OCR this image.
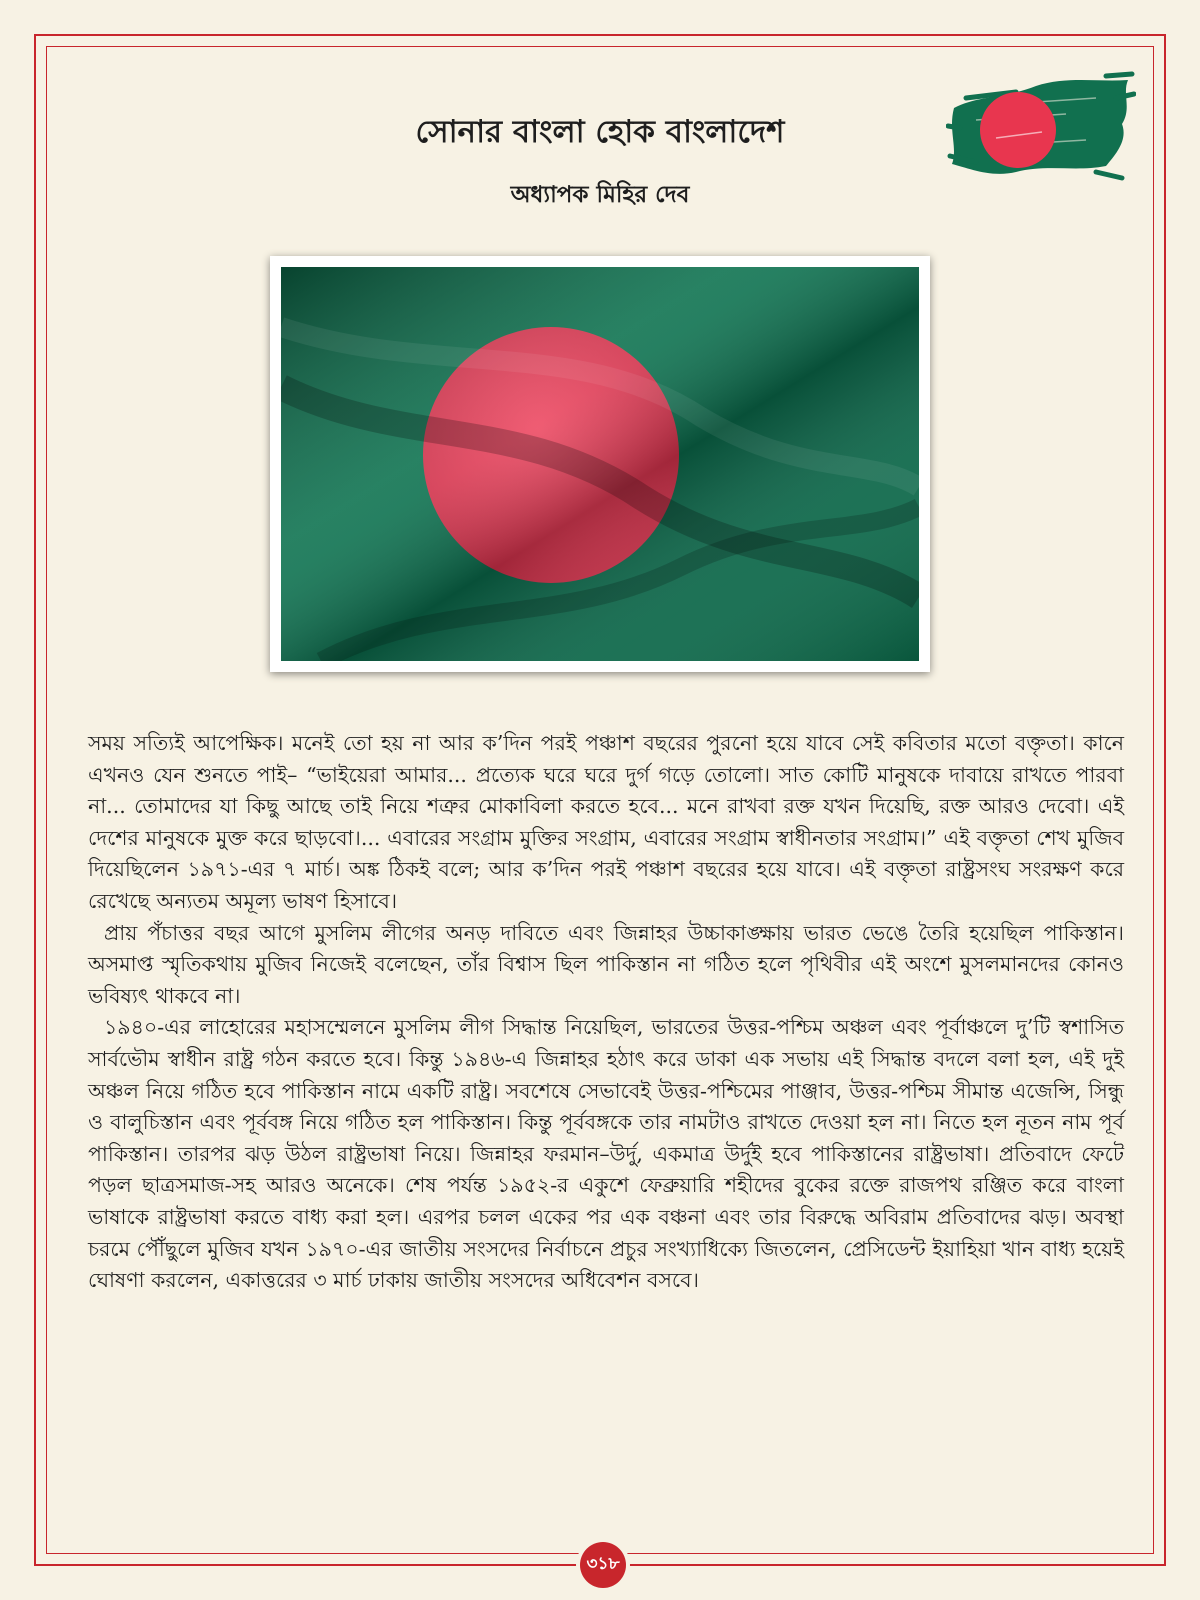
সোনার বাংলা হোক বাংলাদেশ
অধ্যাপক মিহির দেব

সময় সত্যিই আপেক্ষিক। মনেই তো হয় না আর ক’দিন পরই পঞ্চাশ বছরের পুরনো হয়ে যাবে সেই কবিতার মতো বক্তৃতা। কানে এখনও যেন শুনতে পাই– “ভাইয়েরা আমার... প্রত্যেক ঘরে ঘরে দুর্গ গড়ে তোলো। সাত কোটি মানুষকে দাবায়ে রাখতে পারবা না... তোমাদের যা কিছু আছে তাই নিয়ে শত্রুর মোকাবিলা করতে হবে... মনে রাখবা রক্ত যখন দিয়েছি, রক্ত আরও দেবো। এই দেশের মানুষকে মুক্ত করে ছাড়বো।... এবারের সংগ্রাম মুক্তির সংগ্রাম, এবারের সংগ্রাম স্বাধীনতার সংগ্রাম।” এই বক্তৃতা শেখ মুজিব দিয়েছিলেন ১৯৭১-এর ৭ মার্চ। অঙ্ক ঠিকই বলে; আর ক’দিন পরই পঞ্চাশ বছরের হয়ে যাবে। এই বক্তৃতা রাষ্ট্রসংঘ সংরক্ষণ করে রেখেছে অন্যতম অমূল্য ভাষণ হিসাবে।

প্রায় পঁচাত্তর বছর আগে মুসলিম লীগের অনড় দাবিতে এবং জিন্নাহর উচ্চাকাঙ্ক্ষায় ভারত ভেঙে তৈরি হয়েছিল পাকিস্তান। অসমাপ্ত স্মৃতিকথায় মুজিব নিজেই বলেছেন, তাঁর বিশ্বাস ছিল পাকিস্তান না গঠিত হলে পৃথিবীর এই অংশে মুসলমানদের কোনও ভবিষ্যৎ থাকবে না।

১৯৪০-এর লাহোরের মহাসম্মেলনে মুসলিম লীগ সিদ্ধান্ত নিয়েছিল, ভারতের উত্তর-পশ্চিম অঞ্চল এবং পূর্বাঞ্চলে দু’টি স্বশাসিত সার্বভৌম স্বাধীন রাষ্ট্র গঠন করতে হবে। কিন্তু ১৯৪৬-এ জিন্নাহর হঠাৎ করে ডাকা এক সভায় এই সিদ্ধান্ত বদলে বলা হল, এই দুই অঞ্চল নিয়ে গঠিত হবে পাকিস্তান নামে একটি রাষ্ট্র। সবশেষে সেভাবেই উত্তর-পশ্চিমের পাঞ্জাব, উত্তর-পশ্চিম সীমান্ত এজেন্সি, সিন্ধু ও বালুচিস্তান এবং পূর্ববঙ্গ নিয়ে গঠিত হল পাকিস্তান। কিন্তু পূর্ববঙ্গকে তার নামটাও রাখতে দেওয়া হল না। নিতে হল নূতন নাম পূর্ব পাকিস্তান। তারপর ঝড় উঠল রাষ্ট্রভাষা নিয়ে। জিন্নাহর ফরমান–উর্দু, একমাত্র উর্দুই হবে পাকিস্তানের রাষ্ট্রভাষা। প্রতিবাদে ফেটে পড়ল ছাত্রসমাজ-সহ আরও অনেকে। শেষ পর্যন্ত ১৯৫২-র একুশে ফেব্রুয়ারি শহীদের বুকের রক্তে রাজপথ রঞ্জিত করে বাংলা ভাষাকে রাষ্ট্রভাষা করতে বাধ্য করা হল। এরপর চলল একের পর এক বঞ্চনা এবং তার বিরুদ্ধে অবিরাম প্রতিবাদের ঝড়। অবস্থা চরমে পৌঁছুলে মুজিব যখন ১৯৭০-এর জাতীয় সংসদের নির্বাচনে প্রচুর সংখ্যাধিক্যে জিতলেন, প্রেসিডেন্ট ইয়াহিয়া খান বাধ্য হয়েই ঘোষণা করলেন, একাত্তরের ৩ মার্চ ঢাকায় জাতীয় সংসদের অধিবেশন বসবে।

৩১৮
